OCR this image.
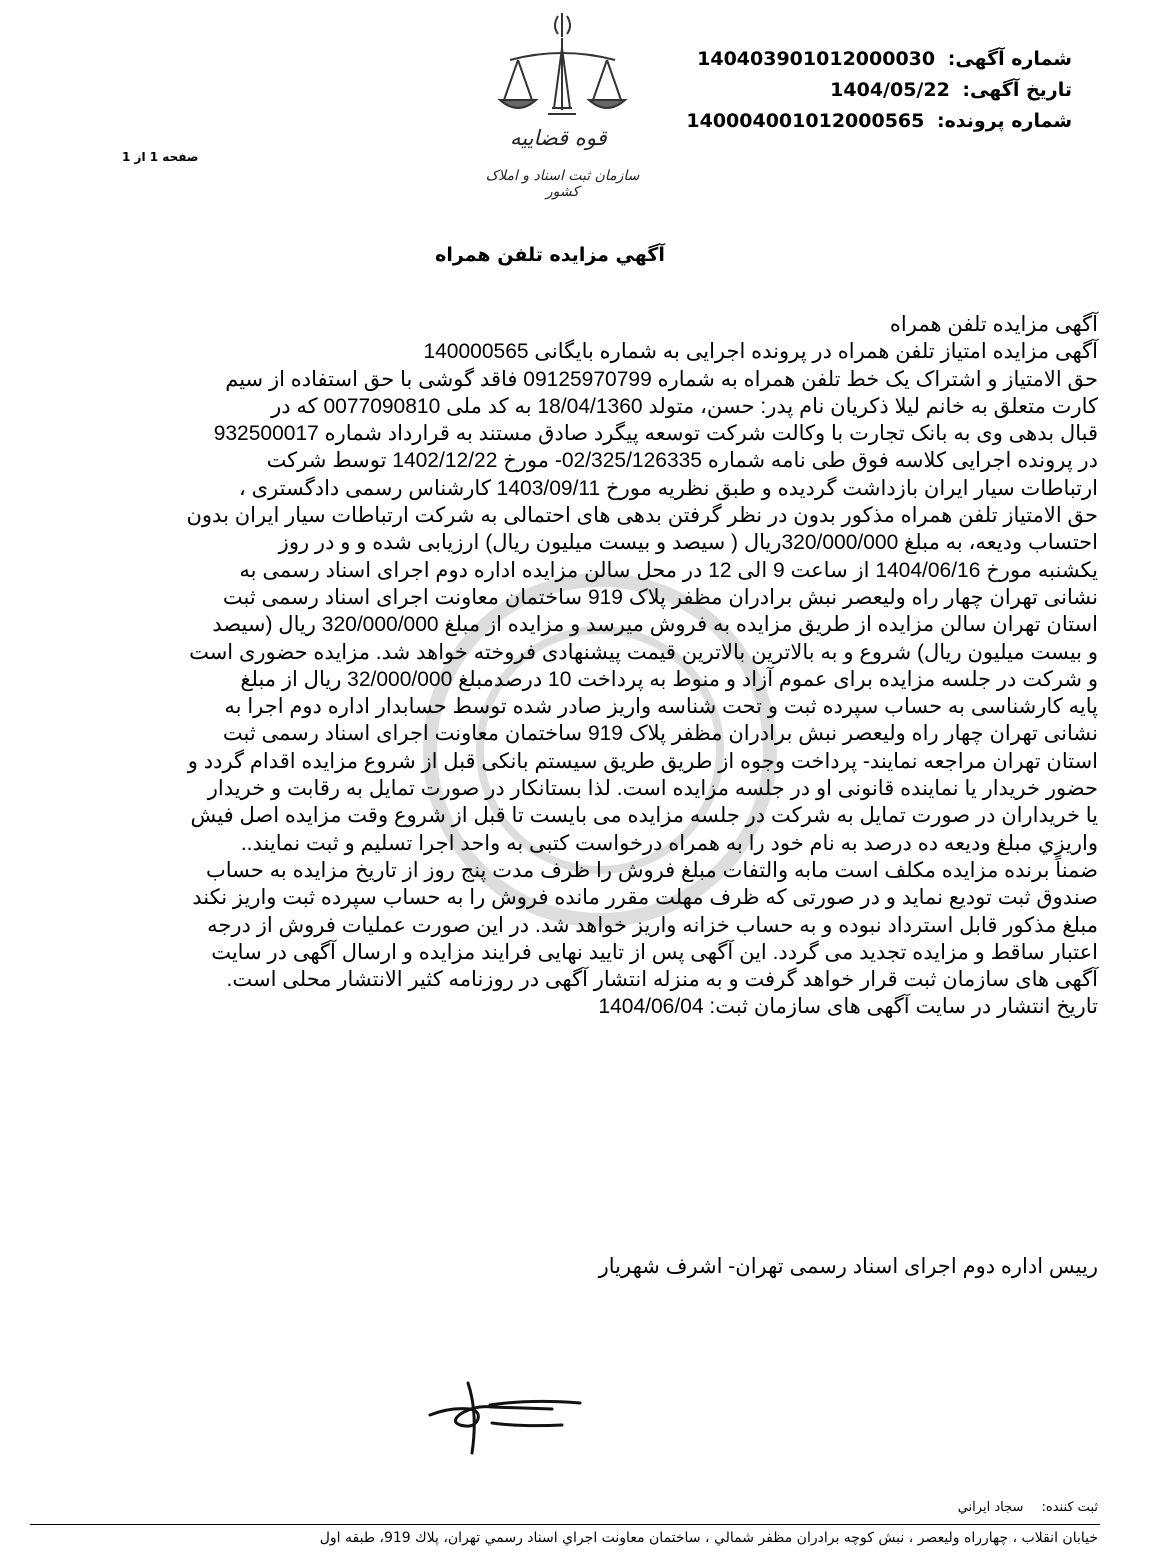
شماره آگهی: 14040390101200003‌0
تاریخ آگهی: 1404/05/22
شماره پرونده: 140004001012000565
قوه قضاییه
سازمان ثبت اسناد و املاک کشور
صفحه 1 از 1
آگهي مزايده تلفن همراه

آگهی مزایده تلفن همراه

آگهی مزایده امتیاز تلفن همراه در پرونده اجرایی به شماره بایگانی 140000565

حق الامتیاز و اشتراک یک خط تلفن همراه به شماره 09125970799 فاقد گوشی با حق استفاده از سیم

کارت متعلق به خانم لیلا ذکریان نام پدر: حسن، متولد 18/04/1360 به کد ملی 0077090810 که در

قبال بدهی وی به بانک تجارت با وکالت شرکت توسعه پیگرد صادق مستند به قرارداد شماره 932500017

در پرونده اجرایی کلاسه فوق طی نامه شماره 02/325/126335- مورخ 1402/12/22 توسط شرکت

ارتباطات سیار ایران بازداشت گردیده و طبق نظریه مورخ 1403/09/11 کارشناس رسمی دادگستری ،

حق الامتیاز تلفن همراه مذکور بدون در نظر گرفتن بدهی های احتمالی به شرکت ارتباطات سیار ایران بدون

احتساب ودیعه، به مبلغ 320/000/000ریال ( سیصد و بیست میلیون ریال) ارزیابی شده و و در روز

یکشنبه مورخ 1404/06/16 از ساعت 9 الی 12 در محل سالن مزایده اداره دوم اجرای اسناد رسمی به

نشانی تهران چهار راه ولیعصر نبش برادران مظفر پلاک 919 ساختمان معاونت اجرای اسناد رسمی ثبت

استان تهران سالن مزایده از طریق مزایده به فروش میرسد و مزایده از مبلغ 320/000/000 ریال (سیصد

و بیست میلیون ریال) شروع و به بالاترین بالاترین قیمت پیشنهادی فروخته خواهد شد. مزایده حضوری است

و شرکت در جلسه مزایده برای عموم آزاد و منوط به پرداخت 10 درصدمبلغ 32/000/000 ریال از مبلغ

پایه کارشناسی به حساب سپرده ثبت و تحت شناسه واریز صادر شده توسط حسابدار اداره دوم اجرا به

نشانی تهران چهار راه ولیعصر نبش برادران مظفر پلاک 919 ساختمان معاونت اجرای اسناد رسمی ثبت

استان تهران مراجعه نمایند- پرداخت وجوه از طریق طریق سیستم بانکی قبل از شروع مزایده اقدام گردد و

حضور خریدار یا نماینده قانونی او در جلسه مزایده است. لذا بستانکار در صورت تمایل به رقابت و خریدار

یا خریداران در صورت تمایل به شرکت در جلسه مزایده می بایست تا قبل از شروع وقت مزایده اصل فیش

واریزي مبلغ ودیعه ده درصد به نام خود را به همراه درخواست کتبی به واحد اجرا تسلیم و ثبت نمایند..

ضمناً برنده مزایده مکلف است مابه والتفات مبلغ فروش را ظرف مدت پنج روز از تاریخ مزایده به حساب

صندوق ثبت تودیع نماید و در صورتی که ظرف مهلت مقرر مانده فروش را به حساب سپرده ثبت واریز نکند

مبلغ مذکور قابل استرداد نبوده و به حساب خزانه واریز خواهد شد. در این صورت عملیات فروش از درجه

اعتبار ساقط و مزایده تجدید می گردد. این آگهی پس از تایید نهایی فرایند مزایده و ارسال آگهی در سایت

آگهی های سازمان ثبت قرار خواهد گرفت و به منزله انتشار آگهی در روزنامه کثیر الانتشار محلی است.

تاریخ انتشار در سایت آگهی های سازمان ثبت: 1404/06/04

رییس اداره دوم اجرای اسناد رسمی تهران- اشرف شهریار
ثبت کننده: سجاد ايراني
خيابان انقلاب ، چهارراه وليعصر ، نبش كوچه برادران مظفر شمالي ، ساختمان معاونت اجراي اسناد رسمي تهران، پلاك 919، طبقه اول
